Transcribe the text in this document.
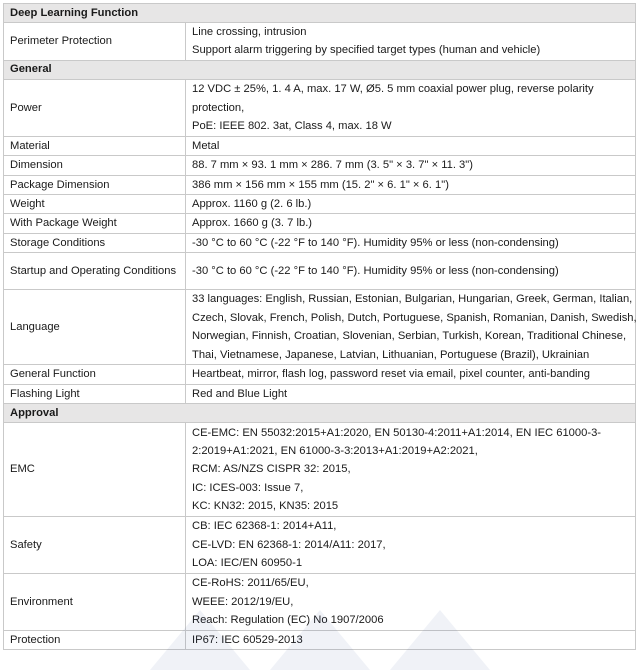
Deep Learning Function	
Perimeter Protection	Line crossing, intrusion
Support alarm triggering by specified target types (human and vehicle)

General	
Power	12 VDC ± 25%, 1. 4 A, max. 17 W, Ø5. 5 mm coaxial power plug, reverse polarity
protection,
PoE: IEEE 802. 3at, Class 4, max. 18 W

Material	Metal

Dimension	88. 7 mm × 93. 1 mm × 286. 7 mm (3. 5" × 3. 7" × 11. 3")

Package Dimension	386 mm × 156 mm × 155 mm (15. 2" × 6. 1" × 6. 1")

Weight	Approx. 1160 g (2. 6 lb.)

With Package Weight	Approx. 1660 g (3. 7 lb.)

Storage Conditions	-30 °C to 60 °C (-22 °F to 140 °F). Humidity 95% or less (non-condensing)

Startup and Operating Conditions	-30 °C to 60 °C (-22 °F to 140 °F). Humidity 95% or less (non-condensing)

Language	33 languages: English, Russian, Estonian, Bulgarian, Hungarian, Greek, German, Italian,
Czech, Slovak, French, Polish, Dutch, Portuguese, Spanish, Romanian, Danish, Swedish,
Norwegian, Finnish, Croatian, Slovenian, Serbian, Turkish, Korean, Traditional Chinese,
Thai, Vietnamese, Japanese, Latvian, Lithuanian, Portuguese (Brazil), Ukrainian

General Function	Heartbeat, mirror, flash log, password reset via email, pixel counter, anti-banding

Flashing Light	Red and Blue Light

Approval	
EMC	CE-EMC: EN 55032:2015+A1:2020, EN 50130-4:2011+A1:2014, EN IEC 61000-3-
2:2019+A1:2021, EN 61000-3-3:2013+A1:2019+A2:2021,
RCM: AS/NZS CISPR 32: 2015,
IC: ICES-003: Issue 7,
KC: KN32: 2015, KN35: 2015

Safety	CB: IEC 62368-1: 2014+A11,
CE-LVD: EN 62368-1: 2014/A11: 2017,
LOA: IEC/EN 60950-1

Environment	CE-RoHS: 2011/65/EU,
WEEE: 2012/19/EU,
Reach: Regulation (EC) No 1907/2006

Protection	IP67: IEC 60529-2013
